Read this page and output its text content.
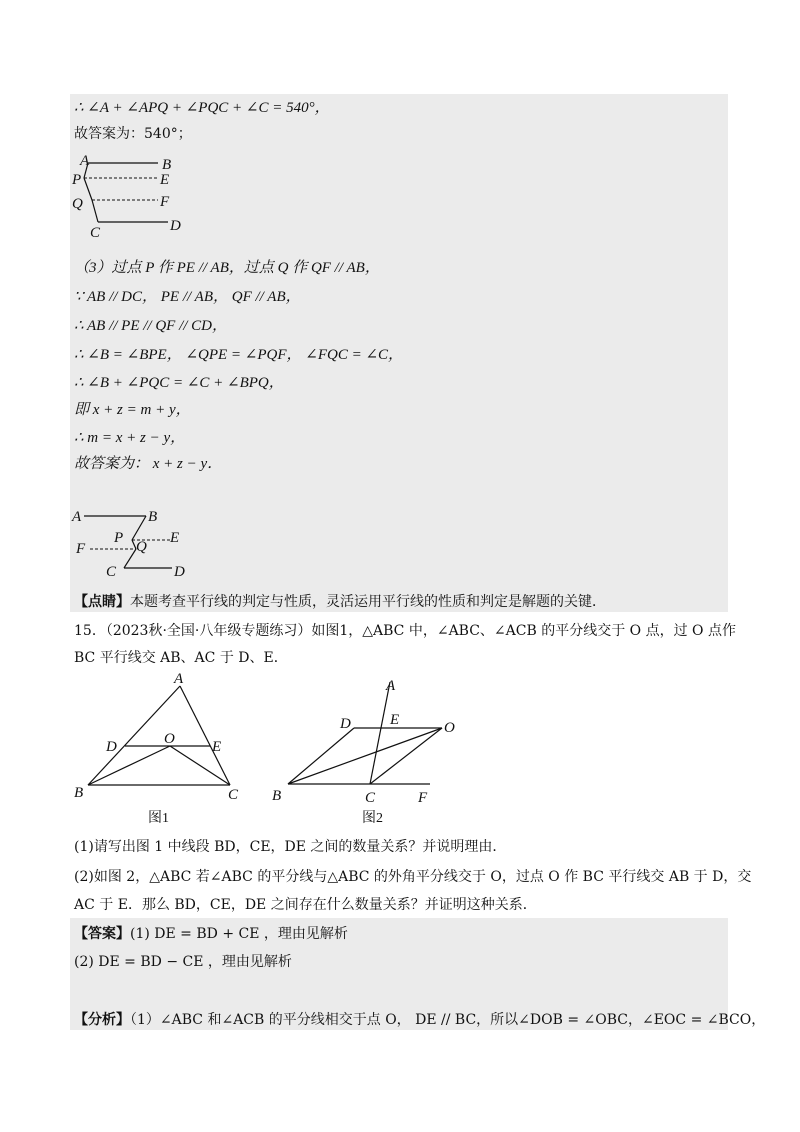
∴ ∠A + ∠APQ + ∠PQC + ∠C = 540°，
故答案为：540°；
A	B
P	E
Q	F
C	D
（3）过点 P 作 PE // AB，过点 Q 作 QF // AB，
∵ AB // DC， PE // AB， QF // AB，
∴ AB // PE // QF // CD，
∴ ∠B = ∠BPE， ∠QPE = ∠PQF， ∠FQC = ∠C，
∴ ∠B + ∠PQC = ∠C + ∠BPQ，
即 x + z = m + y，
∴ m = x + z − y，
故答案为： x + z − y．
A	B
P	E
F	Q
C	D
【点睛】本题考查平行线的判定与性质，灵活运用平行线的性质和判定是解题的关键．
15．（2023秋·全国·八年级专题练习）如图1，△ABC 中，∠ABC、∠ACB 的平分线交于 O 点，过 O 点作
BC 平行线交 AB、AC 于 D、E．
A
D	O E
B	C
图1
A
D	E	O
B	C	F
图2
(1)请写出图 1 中线段 BD，CE，DE 之间的数量关系？并说明理由．
(2)如图 2，△ABC 若∠ABC 的平分线与△ABC 的外角平分线交于 O，过点 O 作 BC 平行线交 AB 于 D，交
AC 于 E．那么 BD，CE，DE 之间存在什么数量关系？并证明这种关系．
【答案】(1) DE = BD + CE ，理由见解析
(2) DE = BD − CE ，理由见解析
【分析】（1）∠ABC 和∠ACB 的平分线相交于点 O， DE // BC，所以∠DOB = ∠OBC，∠EOC = ∠BCO，
